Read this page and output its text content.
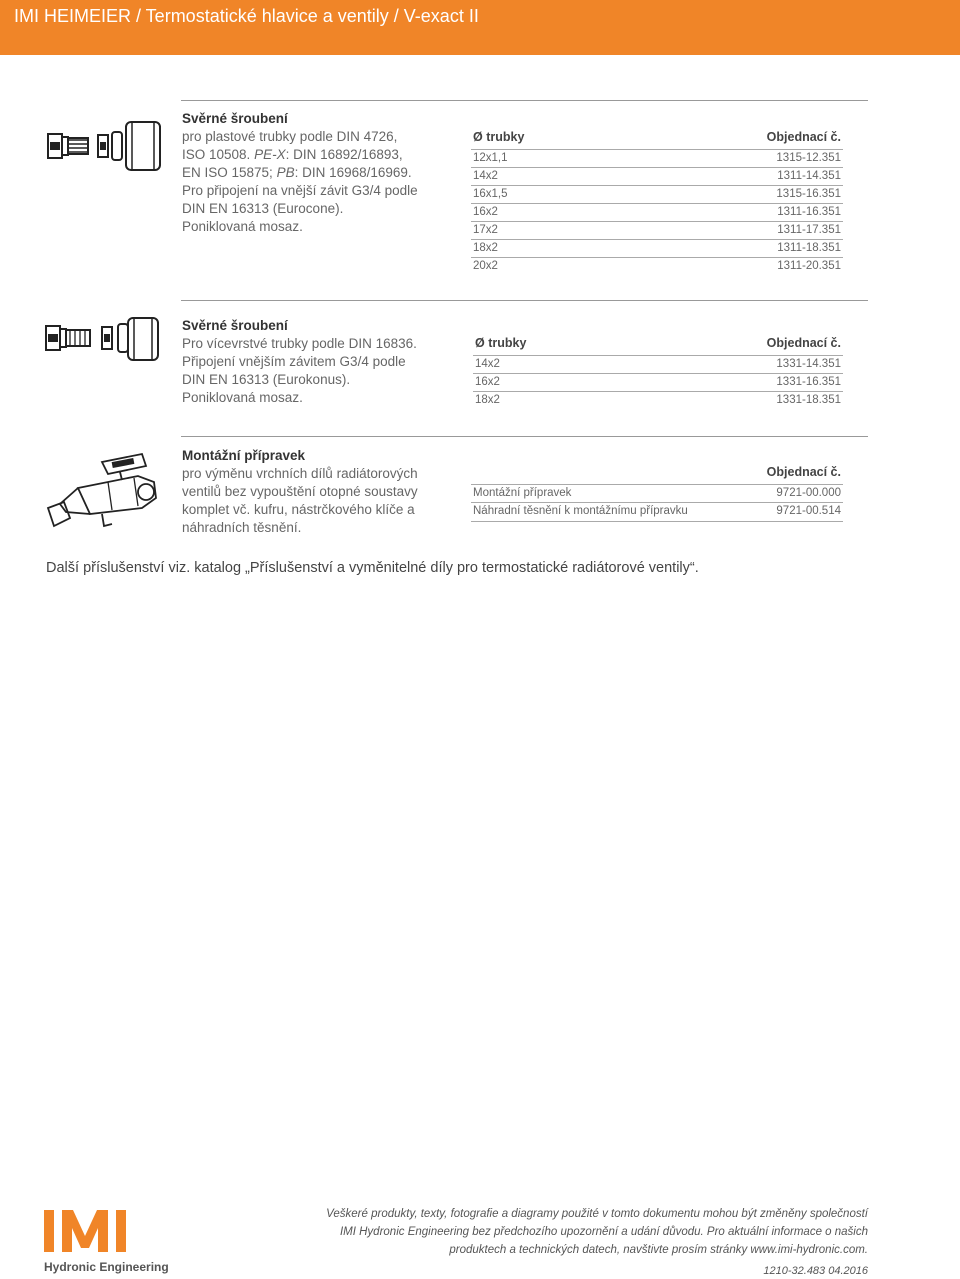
IMI HEIMEIER / Termostatické hlavice a ventily / V-exact II
Svěrné šroubení
pro plastové trubky podle DIN 4726,
ISO 10508. PE-X: DIN 16892/16893,
EN ISO 15875; PB: DIN 16968/16969.
Pro připojení na vnější závit G3/4 podle
DIN EN 16313 (Eurocone).
Poniklovaná mosaz.
Ø trubky	Objednací č.
12x1,1	1315-12.351
14x2	1311-14.351
16x1,5	1315-16.351
16x2	1311-16.351
17x2	1311-17.351
18x2	1311-18.351
20x2	1311-20.351
Svěrné šroubení
Pro vícevrstvé trubky podle DIN 16836.
Připojení vnějším závitem G3/4 podle
DIN EN 16313 (Eurokonus).
Poniklovaná mosaz.
Ø trubky	Objednací č.
14x2	1331-14.351
16x2	1331-16.351
18x2	1331-18.351
Montážní přípravek
pro výměnu vrchních dílů radiátorových
ventilů bez vypouštění otopné soustavy
komplet vč. kufru, nástrčkového klíče a
náhradních těsnění.
Objednací č.
Montážní přípravek	9721-00.000
Náhradní těsnění k montážnímu přípravku	9721-00.514
Další příslušenství viz. katalog „Příslušenství a vyměnitelné díly pro termostatické radiátorové ventily“.
Hydronic Engineering
Veškeré produkty, texty, fotografie a diagramy použité v tomto dokumentu mohou být změněny společností
IMI Hydronic Engineering bez předchozího upozornění a udání důvodu. Pro aktuální informace o našich
produktech a technických datech, navštivte prosím stránky www.imi-hydronic.com.
1210-32.483 04.2016
